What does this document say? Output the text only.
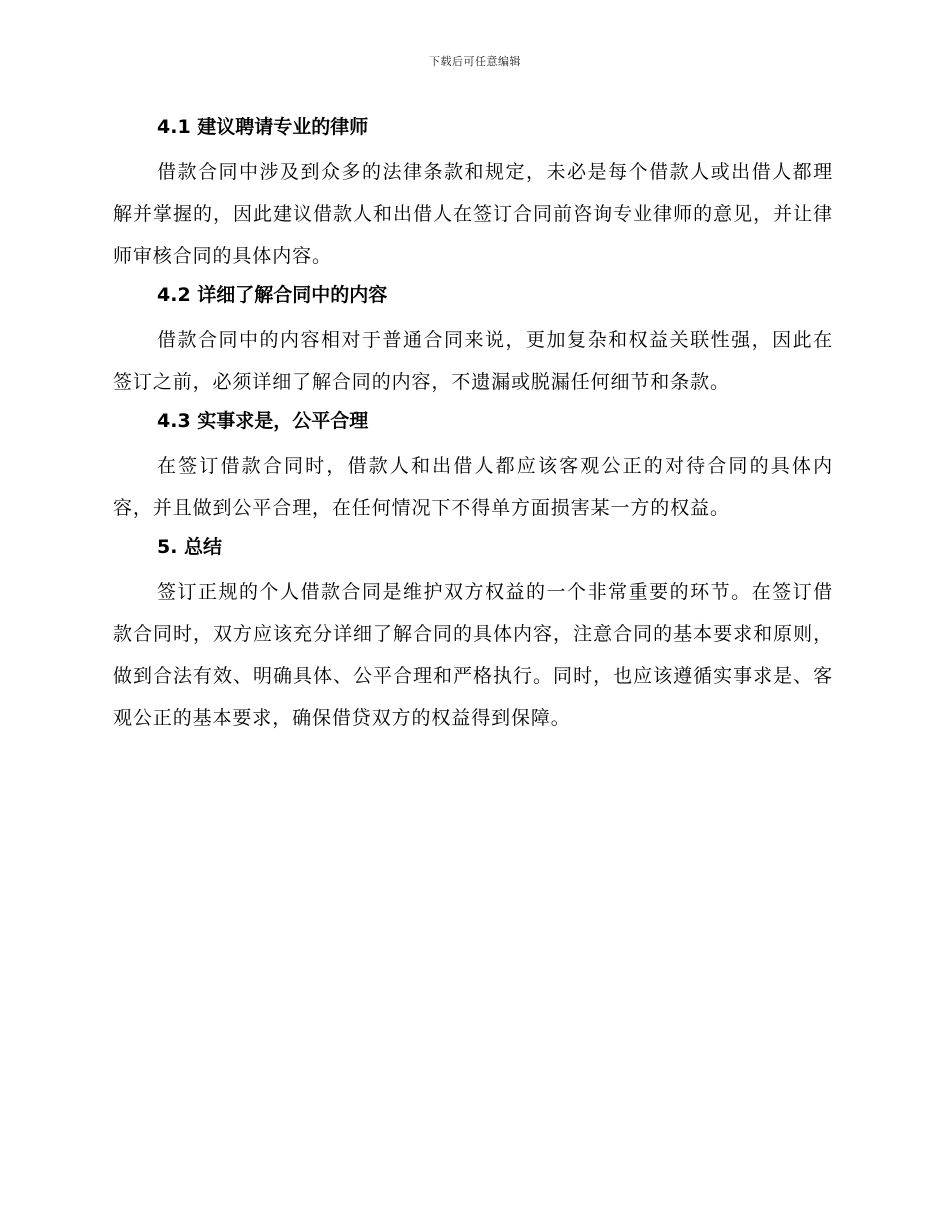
下载后可任意编辑
4.1 建议聘请专业的律师

借款合同中涉及到众多的法律条款和规定，未必是每个借款人或出借人都理解并掌握的，因此建议借款人和出借人在签订合同前咨询专业律师的意见，并让律师审核合同的具体内容。

4.2 详细了解合同中的内容

借款合同中的内容相对于普通合同来说，更加复杂和权益关联性强，因此在签订之前，必须详细了解合同的内容，不遗漏或脱漏任何细节和条款。

4.3 实事求是，公平合理

在签订借款合同时，借款人和出借人都应该客观公正的对待合同的具体内容，并且做到公平合理，在任何情况下不得单方面损害某一方的权益。

5. 总结

签订正规的个人借款合同是维护双方权益的一个非常重要的环节。在签订借款合同时，双方应该充分详细了解合同的具体内容，注意合同的基本要求和原则，做到合法有效、明确具体、公平合理和严格执行。同时，也应该遵循实事求是、客观公正的基本要求，确保借贷双方的权益得到保障。
